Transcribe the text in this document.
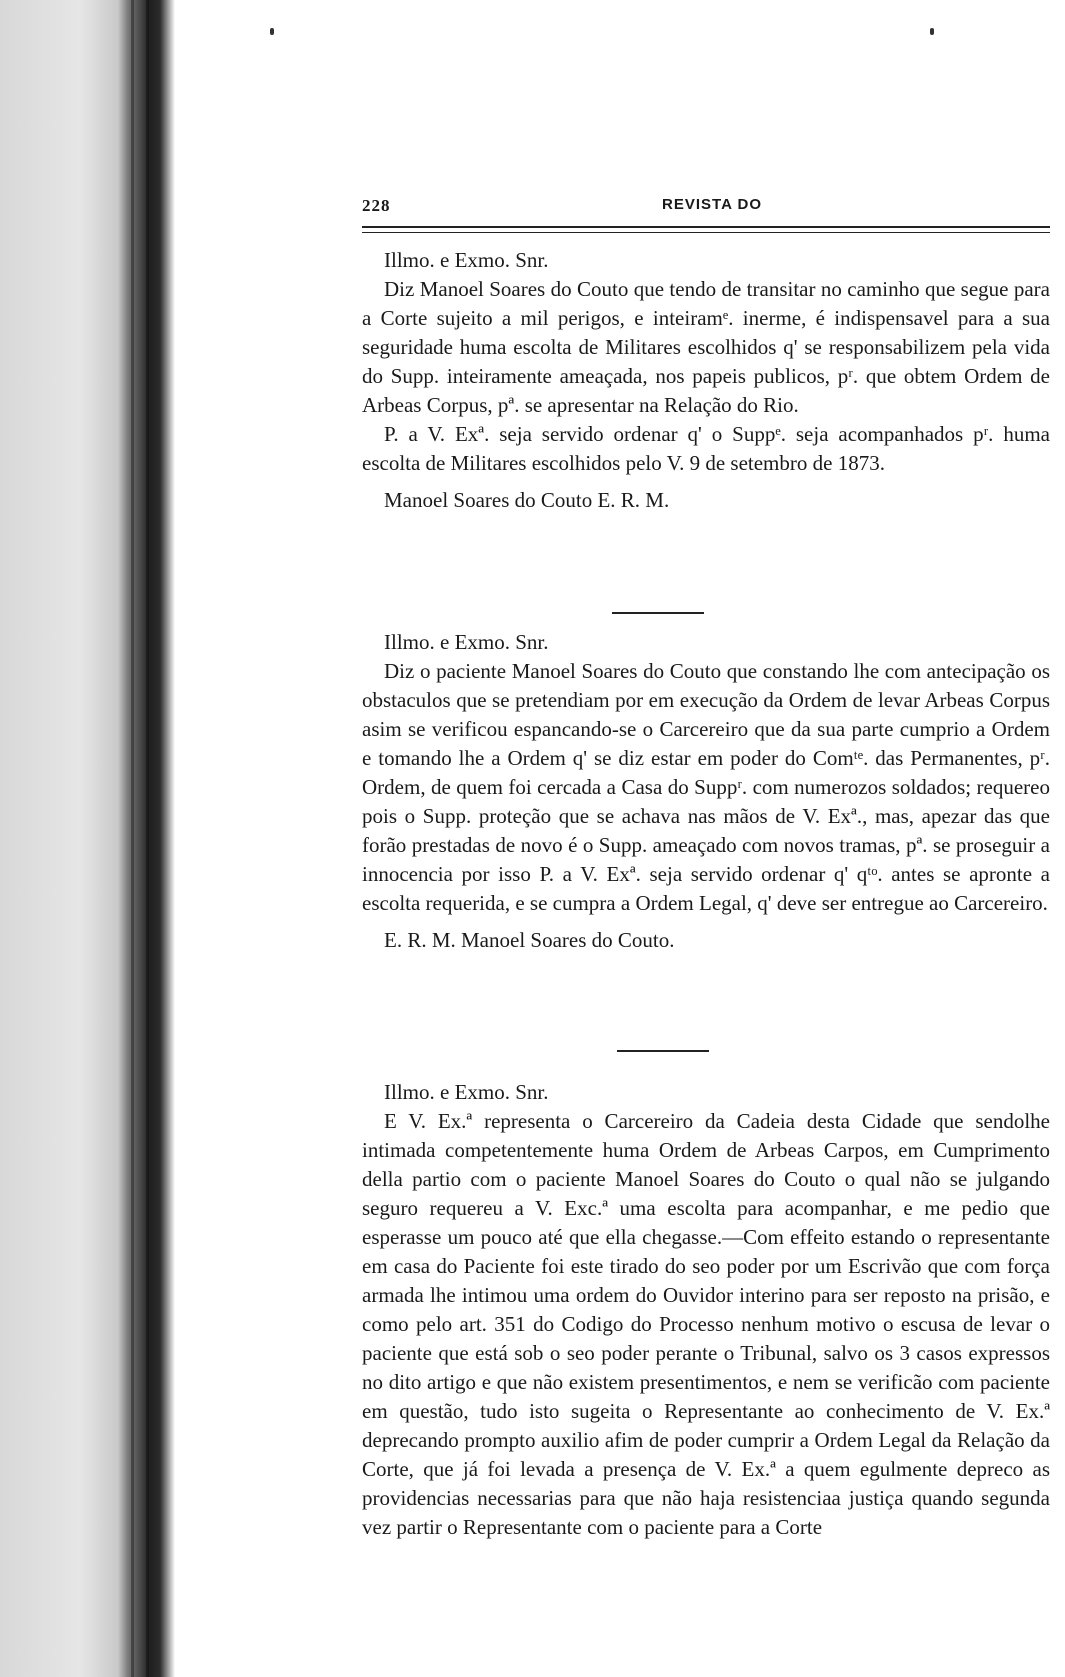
228	REVISTA DO

Illmo. e Exmo. Snr.

Diz Manoel Soares do Couto que tendo de transitar no caminho que segue para a Corte sujeito a mil perigos, e inteiramᵉ. inerme, é indispensavel para a sua seguridade huma escolta de Militares escolhidos q' se responsabilizem pela vida do Supp. inteiramente ameaçada, nos papeis publicos, pʳ. que obtem Ordem de Arbeas Corpus, pª. se apresentar na Relação do Rio.

P. a V. Exª. seja servido ordenar q' o Suppᵉ. seja acompanhados pʳ. huma escolta de Militares escolhidos pelo V. 9 de setembro de 1873.

Manoel Soares do Couto E. R. M.

Illmo. e Exmo. Snr.

Diz o paciente Manoel Soares do Couto que constando lhe com antecipação os obstaculos que se pretendiam por em execução da Ordem de levar Arbeas Corpus asim se verificou espancando-se o Carcereiro que da sua parte cumprio a Ordem e tomando lhe a Ordem q' se diz estar em poder do Comᵗᵉ. das Permanentes, pʳ. Ordem, de quem foi cercada a Casa do Suppʳ. com numerozos soldados; requereo pois o Supp. proteção que se achava nas mãos de V. Exª., mas, apezar das que forão prestadas de novo é o Supp. ameaçado com novos tramas, pª. se proseguir a innocencia por isso P. a V. Exª. seja servido ordenar q' qᵗᵒ. antes se apronte a escolta requerida, e se cumpra a Ordem Legal, q' deve ser entregue ao Carcereiro.

E. R. M. Manoel Soares do Couto.

Illmo. e Exmo. Snr.

E V. Ex.ª representa o Carcereiro da Cadeia desta Cidade que sendolhe intimada competentemente huma Ordem de Arbeas Carpos, em Cumprimento della partio com o paciente Manoel Soares do Couto o qual não se julgando seguro requereu a V. Exc.ª uma escolta para acompanhar, e me pedio que esperasse um pouco até que ella chegasse.—Com effeito estando o representante em casa do Paciente foi este tirado do seo poder por um Escrivão que com força armada lhe intimou uma ordem do Ouvidor interino para ser reposto na prisão, e como pelo art. 351 do Codigo do Processo nenhum motivo o escusa de levar o paciente que está sob o seo poder perante o Tribunal, salvo os 3 casos expressos no dito artigo e que não existem presentimentos, e nem se verificão com paciente em questão, tudo isto sugeita o Representante ao conhecimento de V. Ex.ª deprecando prompto auxilio afim de poder cumprir a Ordem Legal da Relação da Corte, que já foi levada a presença de V. Ex.ª a quem egulmente depreco as providencias necessarias para que não haja resistenciaa justiça quando segunda vez partir o Representante com o paciente para a Corte
